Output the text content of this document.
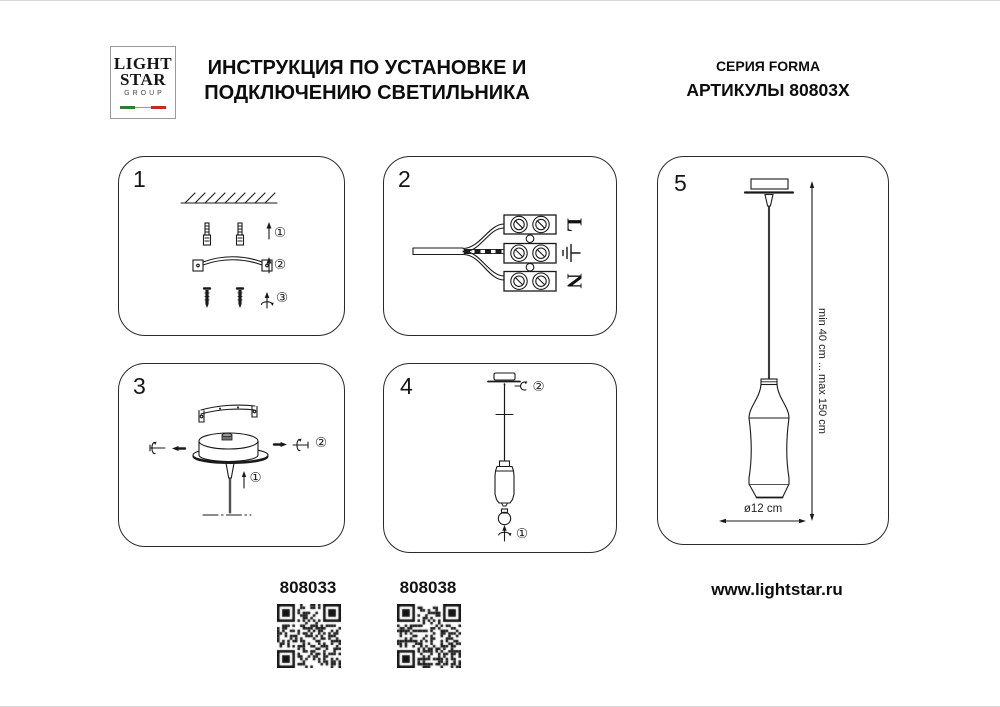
LIGHT
STAR
GROUP
ИНСТРУКЦИЯ ПО УСТАНОВКЕ И
ПОДКЛЮЧЕНИЮ СВЕТИЛЬНИКА
СЕРИЯ FORMA
АРТИКУЛЫ 80803X
1
①
②
③
2
L
N
3
①
②
4	②
①
5
min 40 cm ... max 150 cm
ø12 cm
808033	808038	www.lightstar.ru
